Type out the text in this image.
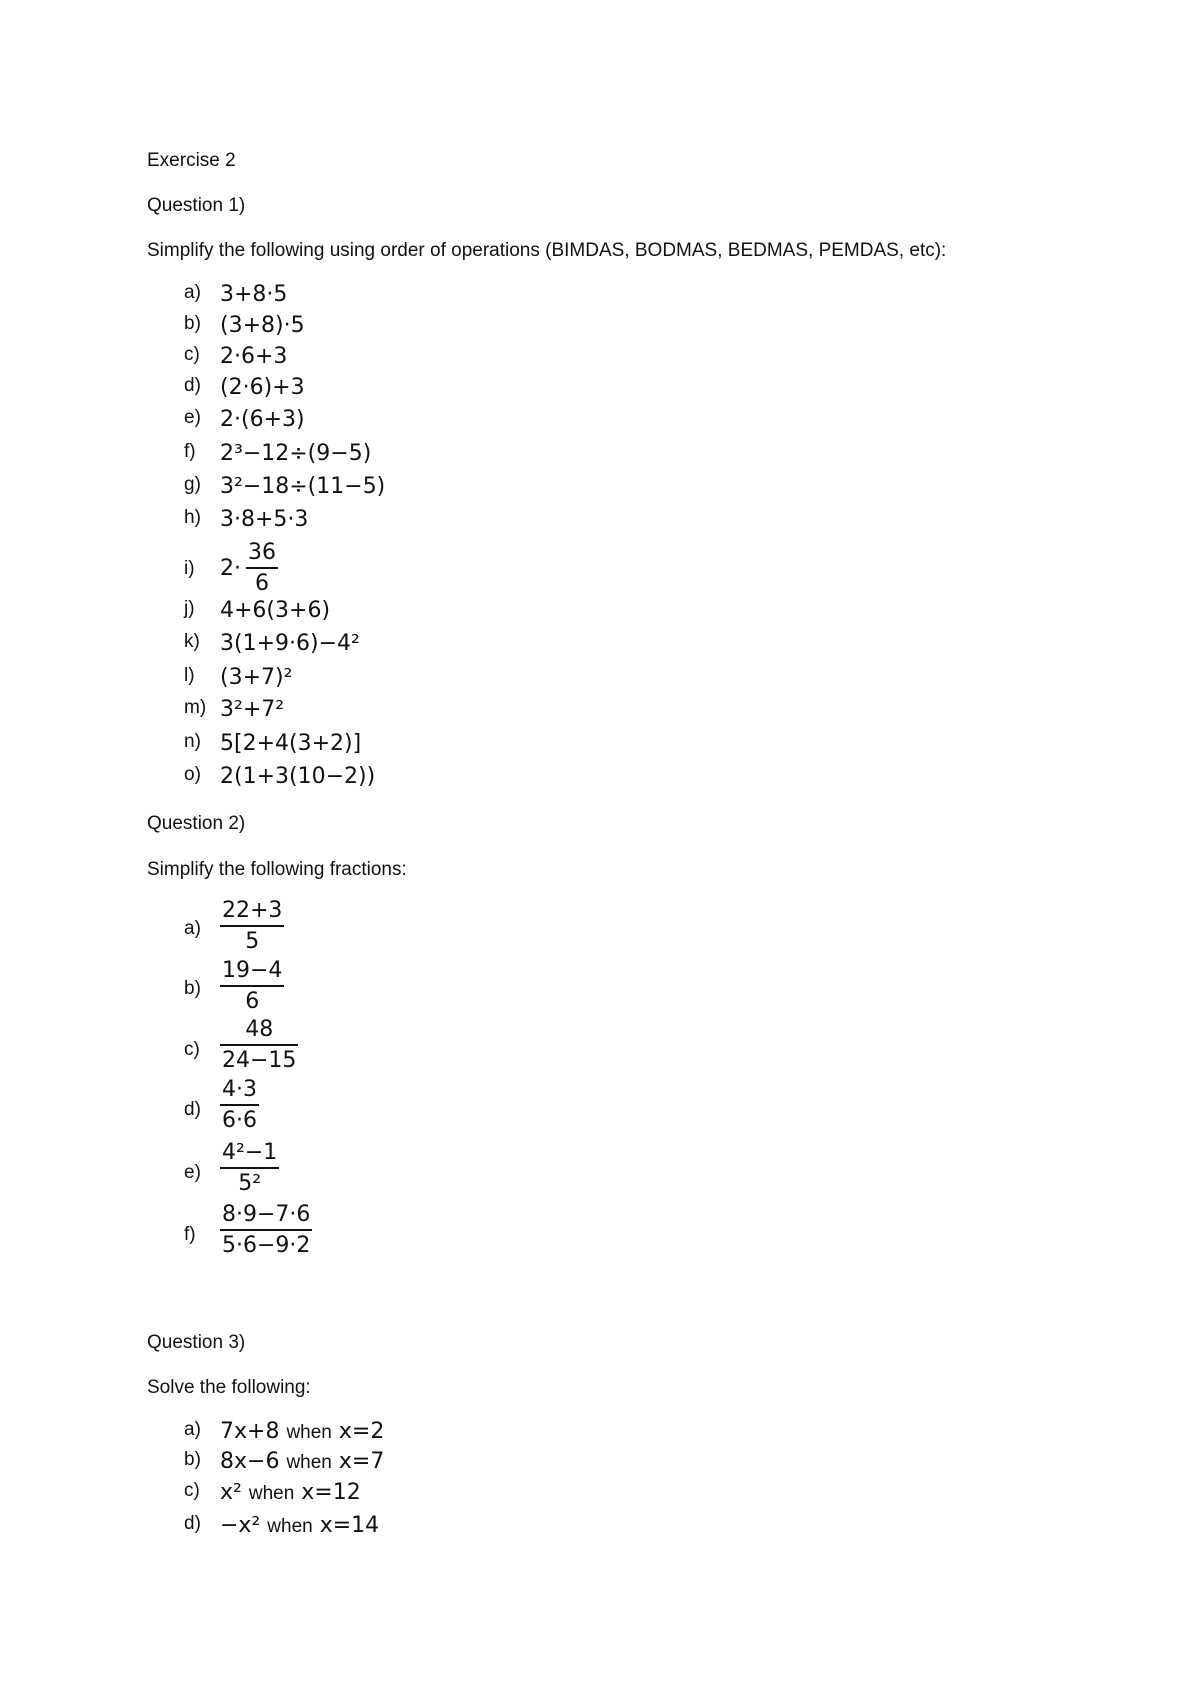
Exercise 2
Question 1)
Simplify the following using order of operations (BIMDAS, BODMAS, BEDMAS, PEMDAS, etc):
a) 3+8·5
b) (3+8)·5
c) 2·6+3
d) (2·6)+3
e) 2·(6+3)
f) 2³−12÷(9−5)
g) 3²−18÷(11−5)
h) 3·8+5·3
i) $2\cdot \frac{36}{6}$
j) 4+6(3+6)
k) 3(1+9·6)−4²
l) (3+7)²
m) 3²+7²
n) 5[2+4(3+2)]
o) 2(1+3(10−2))
Question 2)
Simplify the following fractions:
$a) \frac{22+3}{5}$
$b) \frac{19-4}{6}$
$c) \frac{48}{24-15}$
$d) \frac{4\cdot 3}{6\cdot 6}$
$e) \frac{\text{4²−1}}{\text{5²}}$
$f) \frac{8\cdot 9-7\cdot 6}{5\cdot 6-9\cdot 2}$
Question 3)
Solve the following:
a) 7x+8 when x=2
b) 8x−6 when x=7
c) x² when x=12
d) −x² when x=14
